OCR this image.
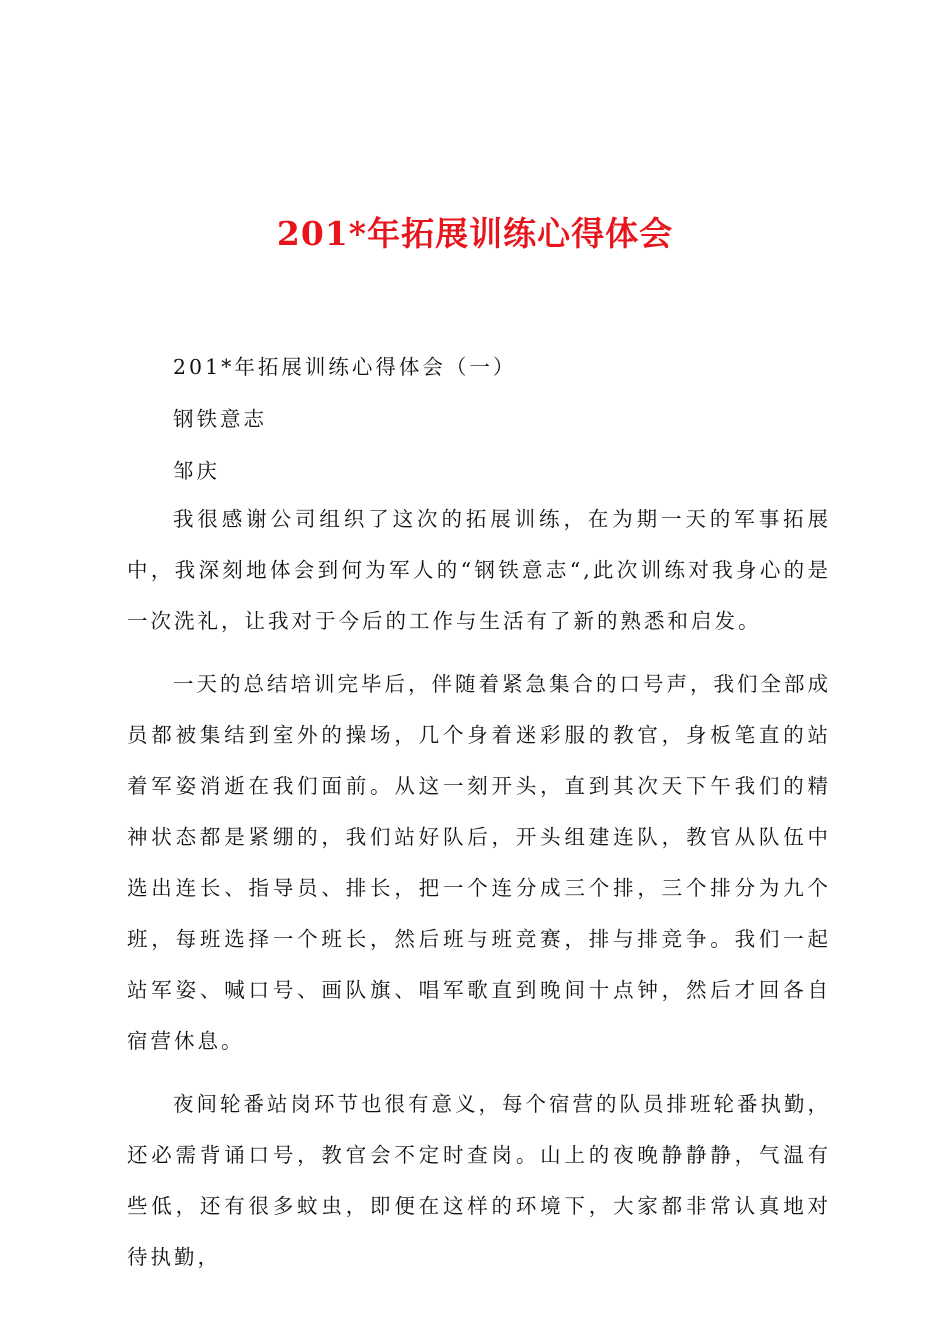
201*年拓展训练心得体会

201*年拓展训练心得体会（一）

钢铁意志

邹庆

我很感谢公司组织了这次的拓展训练，在为期一天的军事拓展中，我深刻地体会到何为军人的“钢铁意志“,此次训练对我身心的是一次洗礼，让我对于今后的工作与生活有了新的熟悉和启发。

一天的总结培训完毕后，伴随着紧急集合的口号声，我们全部成员都被集结到室外的操场，几个身着迷彩服的教官，身板笔直的站着军姿消逝在我们面前。从这一刻开头，直到其次天下午我们的精神状态都是紧绷的，我们站好队后，开头组建连队，教官从队伍中选出连长、指导员、排长，把一个连分成三个排，三个排分为九个班，每班选择一个班长，然后班与班竞赛，排与排竞争。我们一起站军姿、喊口号、画队旗、唱军歌直到晚间十点钟，然后才回各自宿营休息。

夜间轮番站岗环节也很有意义，每个宿营的队员排班轮番执勤，还必需背诵口号，教官会不定时查岗。山上的夜晚静静静，气温有些低，还有很多蚊虫，即便在这样的环境下，大家都非常认真地对待执勤，
